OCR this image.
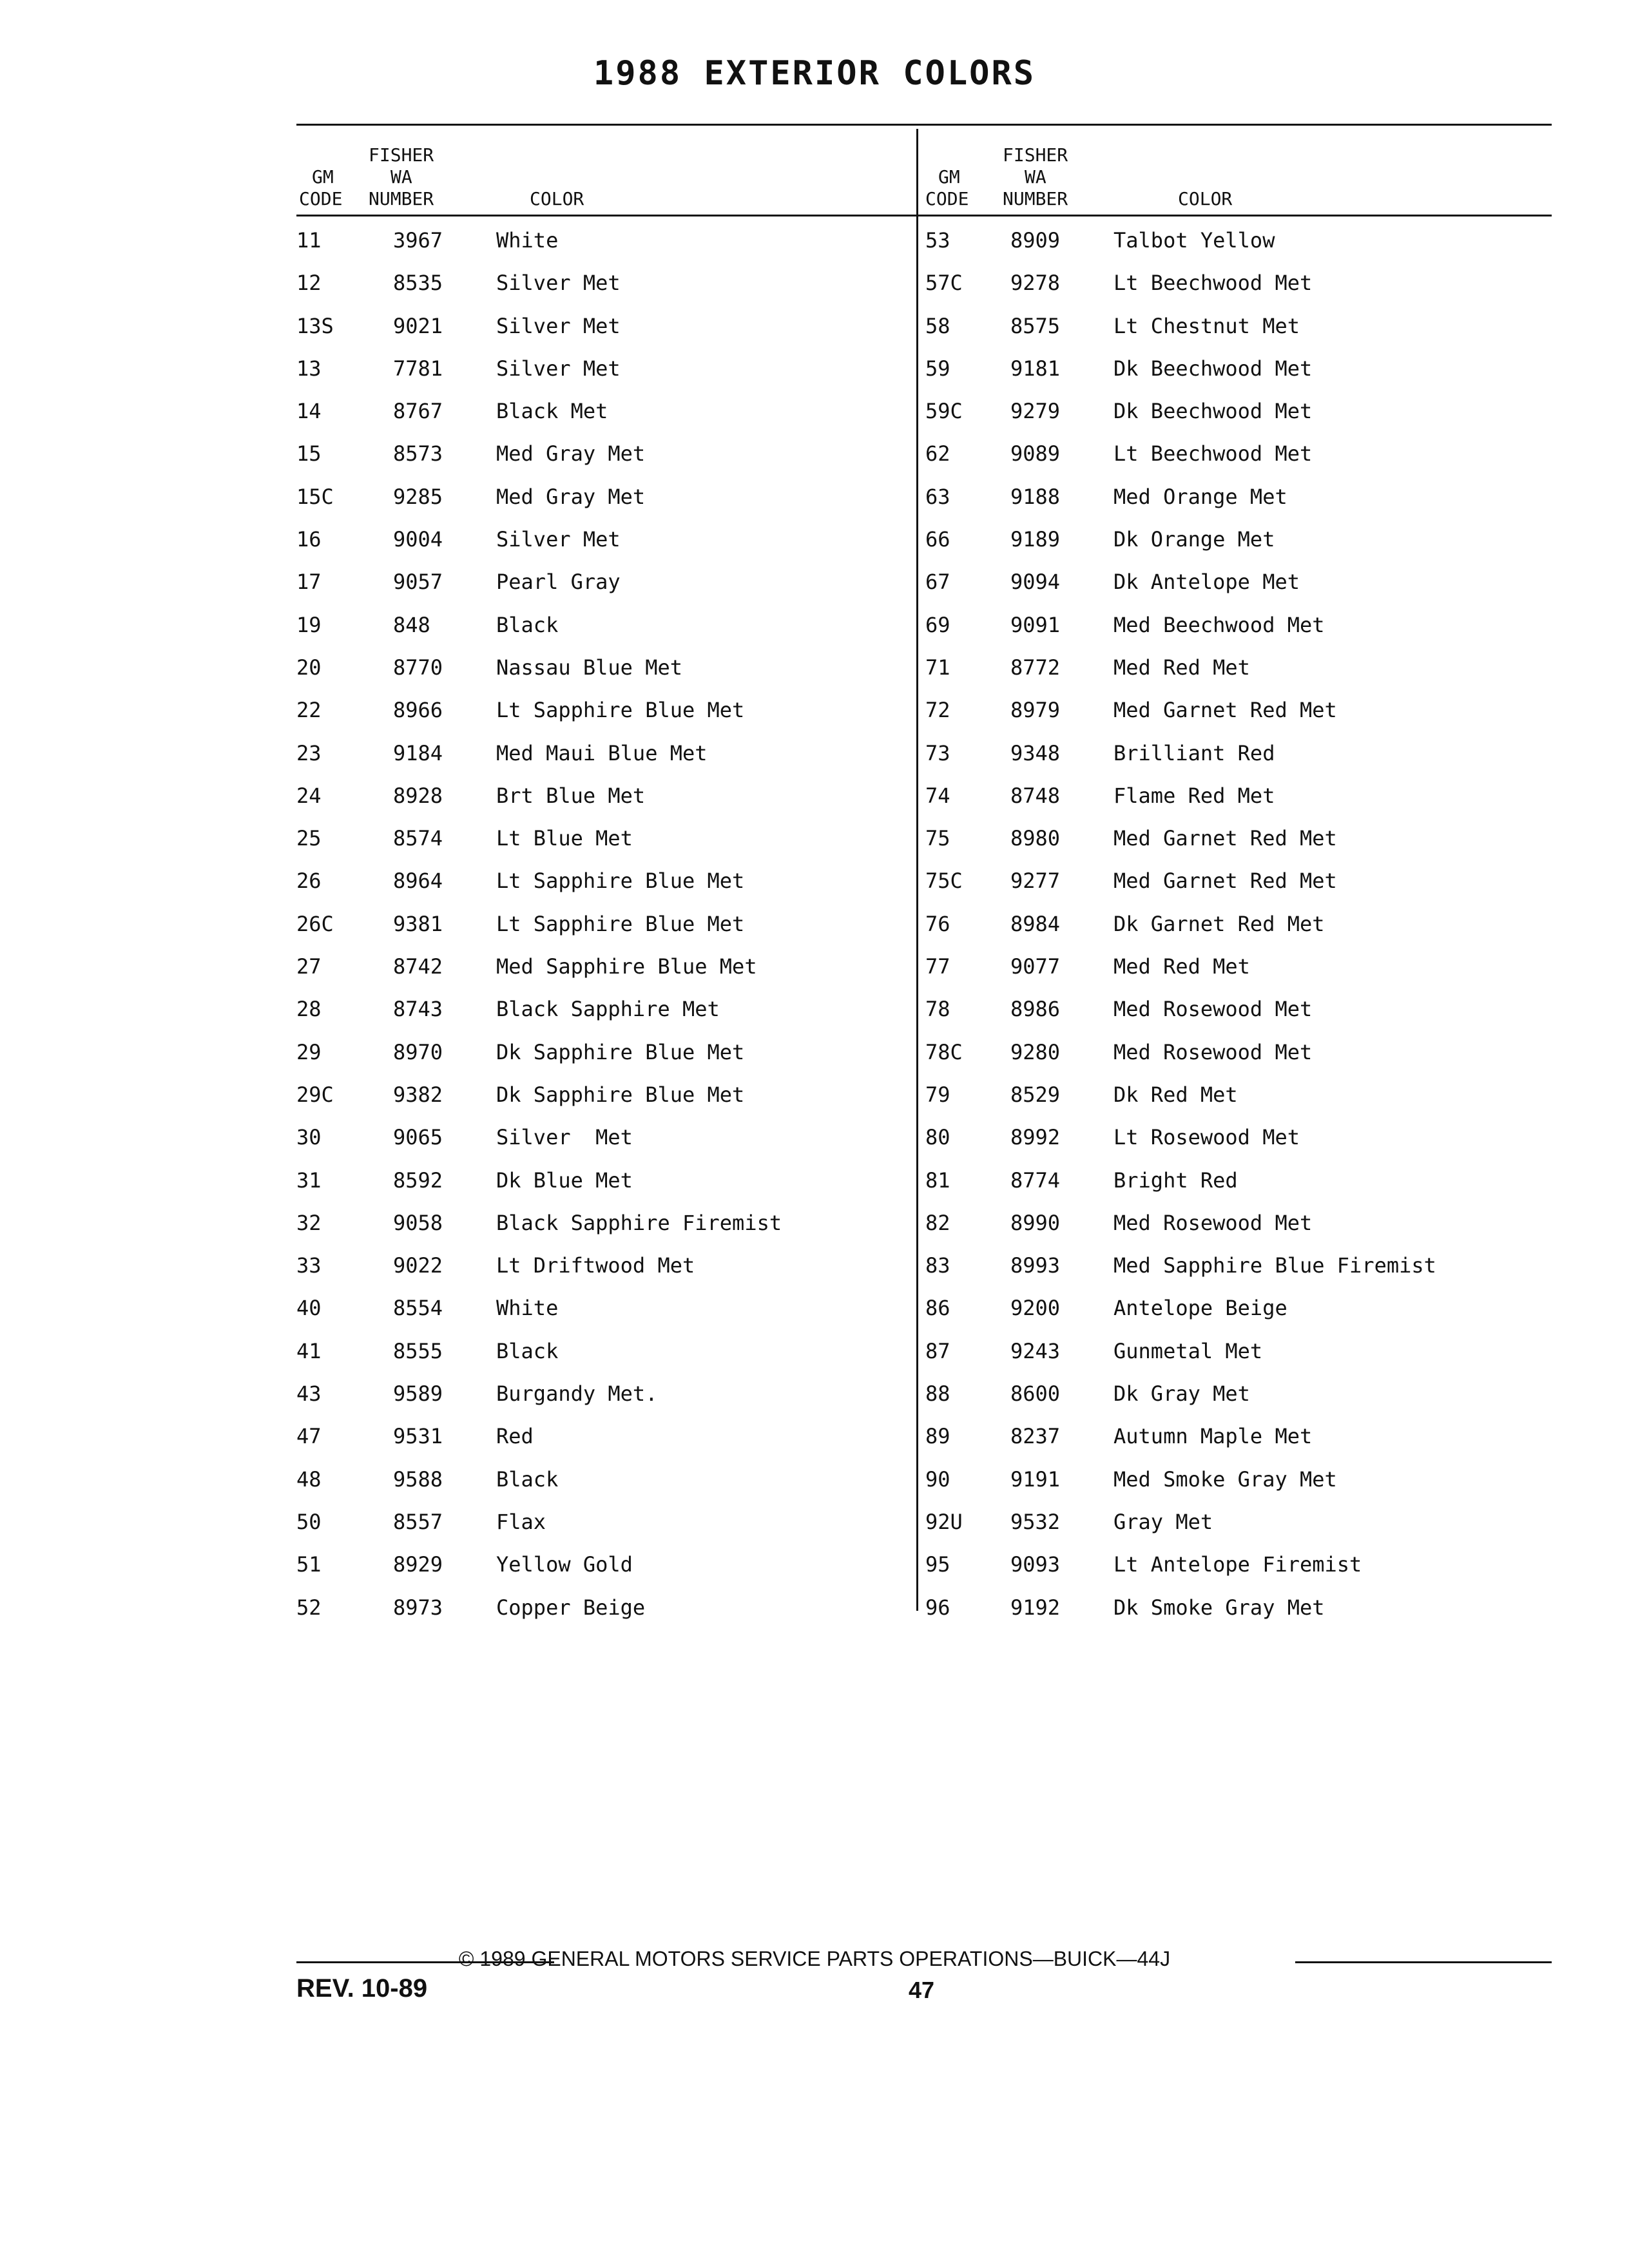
1988 EXTERIOR COLORS
FISHER
GM	WA
CODE NUMBER	COLOR
11	3967	White
12	8535	Silver Met
13S	9021	Silver Met
13	7781	Silver Met
14	8767	Black Met
15	8573	Med Gray Met
15C	9285	Med Gray Met
16	9004	Silver Met
17	9057	Pearl Gray
19	848	Black
20	8770	Nassau Blue Met
22	8966	Lt Sapphire Blue Met
23	9184	Med Maui Blue Met
24	8928	Brt Blue Met
25	8574	Lt Blue Met
26	8964	Lt Sapphire Blue Met
26C	9381	Lt Sapphire Blue Met
27	8742	Med Sapphire Blue Met
28	8743	Black Sapphire Met
29	8970	Dk Sapphire Blue Met
29C	9382	Dk Sapphire Blue Met
30	9065	Silver  Met
31	8592	Dk Blue Met
32	9058	Black Sapphire Firemist
33	9022	Lt Driftwood Met
40	8554	White
41	8555	Black
43	9589	Burgandy Met.
47	9531	Red
48	9588	Black
50	8557	Flax
51	8929	Yellow Gold
52	8973	Copper Beige
FISHER
GM	WA
CODE NUMBER	COLOR
53	8909	Talbot Yellow
57C 9278	Lt Beechwood Met
58	8575	Lt Chestnut Met
59	9181	Dk Beechwood Met
59C 9279	Dk Beechwood Met
62	9089	Lt Beechwood Met
63	9188	Med Orange Met
66	9189	Dk Orange Met
67	9094	Dk Antelope Met
69	9091	Med Beechwood Met
71	8772	Med Red Met
72	8979	Med Garnet Red Met
73	9348	Brilliant Red
74	8748	Flame Red Met
75	8980	Med Garnet Red Met
75C 9277	Med Garnet Red Met
76	8984	Dk Garnet Red Met
77	9077	Med Red Met
78	8986	Med Rosewood Met
78C 9280	Med Rosewood Met
79	8529	Dk Red Met
80	8992	Lt Rosewood Met
81	8774	Bright Red
82	8990	Med Rosewood Met
83	8993	Med Sapphire Blue Firemist
86	9200	Antelope Beige
87	9243	Gunmetal Met
88	8600	Dk Gray Met
89	8237	Autumn Maple Met
90	9191	Med Smoke Gray Met
92U 9532	Gray Met
95	9093	Lt Antelope Firemist
96	9192	Dk Smoke Gray Met
© 1989 GENERAL MOTORS SERVICE PARTS OPERATIONS—BUICK—44J
REV. 10-89	47
